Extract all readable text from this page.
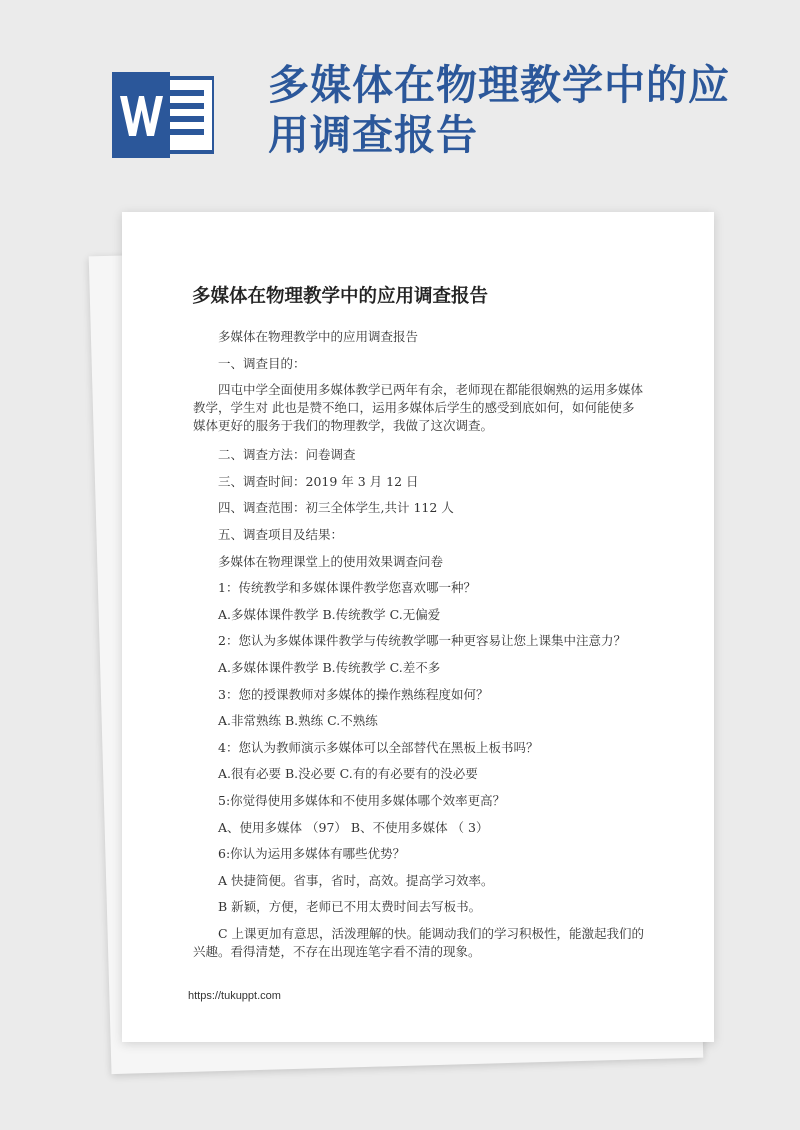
多媒体在物理教学中的应用调查报告
多媒体在物理教学中的应用调查报告
多媒体在物理教学中的应用调查报告
一、调查目的：
四屯中学全面使用多媒体教学已两年有余，老师现在都能很娴熟的运用多媒体教学，学生对 此也是赞不绝口，运用多媒体后学生的感受到底如何，如何能使多媒体更好的服务于我们的物理教学，我做了这次调查。
二、调查方法：问卷调查
三、调查时间：2019 年 3 月 12 日
四、调查范围：初三全体学生,共计 112 人
五、调查项目及结果：
多媒体在物理课堂上的使用效果调查问卷
1：传统教学和多媒体课件教学您喜欢哪一种？
A.多媒体课件教学 B.传统教学 C.无偏爱
2：您认为多媒体课件教学与传统教学哪一种更容易让您上课集中注意力？
A.多媒体课件教学 B.传统教学 C.差不多
3：您的授课教师对多媒体的操作熟练程度如何？
A.非常熟练 B.熟练 C.不熟练
4：您认为教师演示多媒体可以全部替代在黑板上板书吗？
A.很有必要 B.没必要 C.有的有必要有的没必要
5:你觉得使用多媒体和不使用多媒体哪个效率更高？
A、使用多媒体 （97） B、不使用多媒体 （ 3）
6:你认为运用多媒体有哪些优势？
A 快捷简便。省事，省时，高效。提高学习效率。
B 新颖，方便，老师已不用太费时间去写板书。
C 上课更加有意思，活泼理解的快。能调动我们的学习积极性，能激起我们的兴趣。看得清楚，不存在出现连笔字看不清的现象。
https://tukuppt.com
